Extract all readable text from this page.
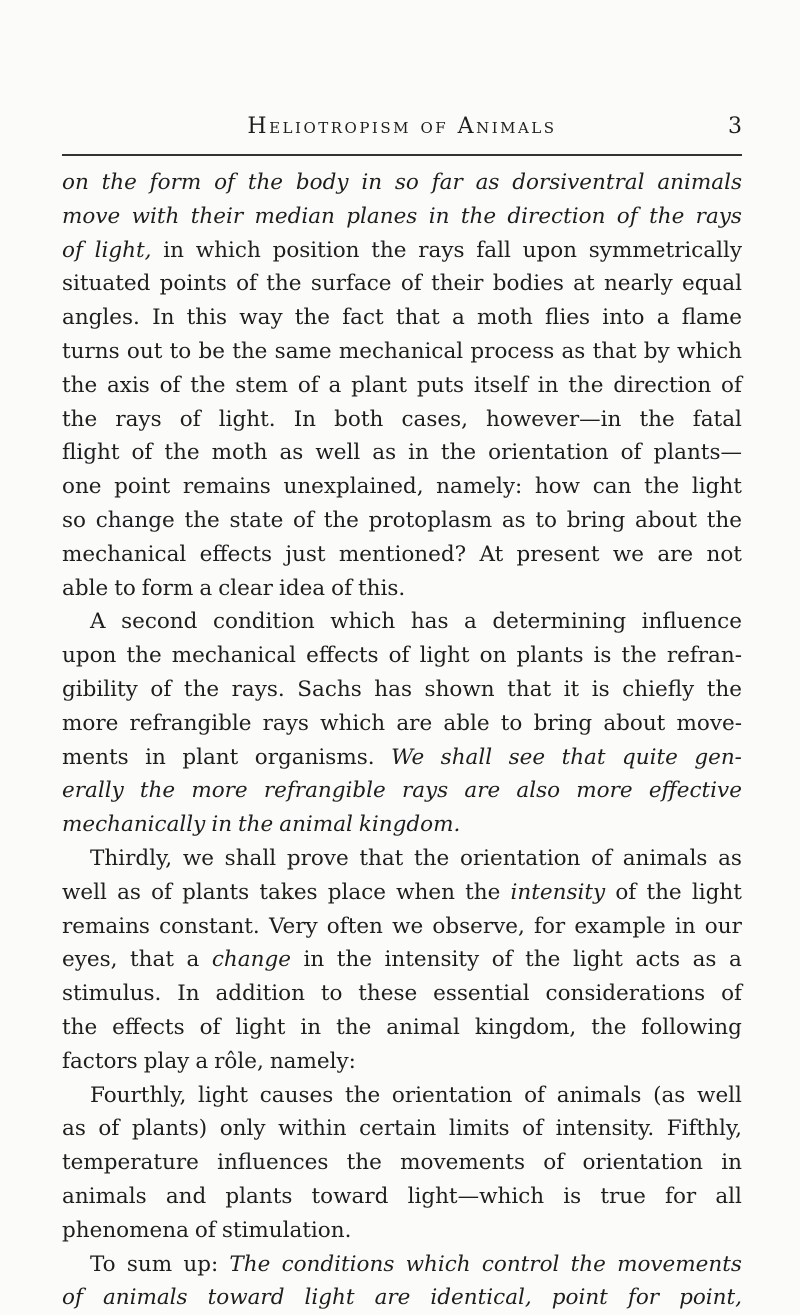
Heliotropism of Animals	3
on the form of the body in so far as dorsiventral animals
move with their median planes in the direction of the rays
of light, in which position the rays fall upon symmetrically
situated points of the surface of their bodies at nearly equal
angles. In this way the fact that a moth flies into a flame
turns out to be the same mechanical process as that by which
the axis of the stem of a plant puts itself in the direction of
the rays of light. In both cases, however—in the fatal
flight of the moth as well as in the orientation of plants—
one point remains unexplained, namely: how can the light
so change the state of the protoplasm as to bring about the
mechanical effects just mentioned? At present we are not
able to form a clear idea of this.
A second condition which has a determining influence
upon the mechanical effects of light on plants is the refran-
gibility of the rays. Sachs has shown that it is chiefly the
more refrangible rays which are able to bring about move-
ments in plant organisms. We shall see that quite gen-
erally the more refrangible rays are also more effective
mechanically in the animal kingdom.
Thirdly, we shall prove that the orientation of animals as
well as of plants takes place when the intensity of the light
remains constant. Very often we observe, for example in our
eyes, that a change in the intensity of the light acts as a
stimulus. In addition to these essential considerations of
the effects of light in the animal kingdom, the following
factors play a rôle, namely:
Fourthly, light causes the orientation of animals (as well
as of plants) only within certain limits of intensity. Fifthly,
temperature influences the movements of orientation in
animals and plants toward light—which is true for all
phenomena of stimulation.
To sum up: The conditions which control the movements
of animals toward light are identical, point for point,
